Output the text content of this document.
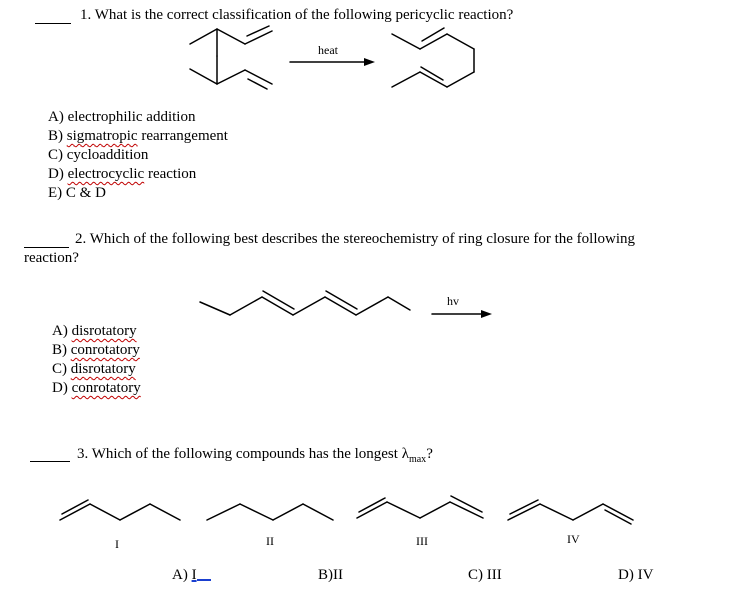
1. What is the correct classification of the following pericyclic reaction?
heat
A) electrophilic addition
B) sigmatropic rearrangement
C) cycloaddition
D) electrocyclic reaction
E) C & D
2. Which of the following best describes the stereochemistry of ring closure for the following
reaction?
hv
A) disrotatory
B) conrotatory
C) disrotatory
D) conrotatory
3. Which of the following compounds has the longest $\lambda_{max}$?
I	II	III	IV
A) I	B)II	C) III	D) IV
